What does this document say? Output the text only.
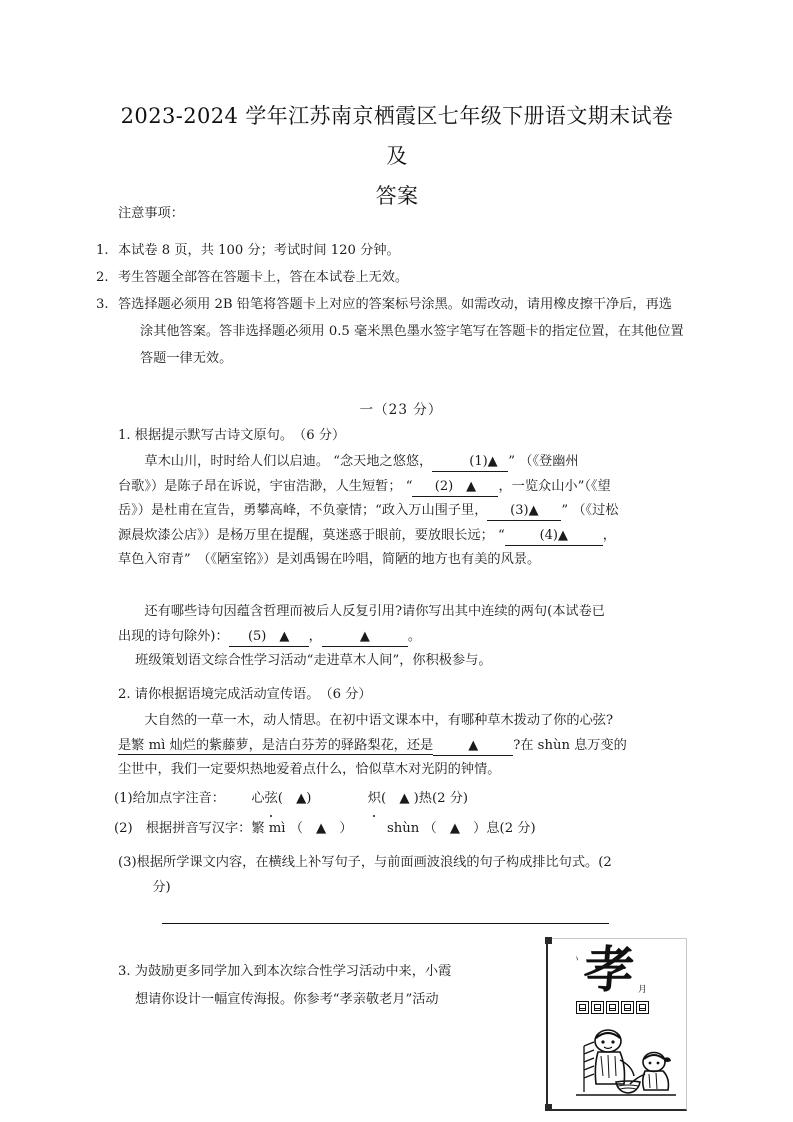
2023-2024 学年江苏南京栖霞区七年级下册语文期末试卷及
答案

注意事项：

1. 本试卷 8 页，共 100 分；考试时间 120 分钟。

2. 考生答题全部答在答题卡上，答在本试卷上无效。

3. 答选择题必须用 2B 铅笔将答题卡上对应的答案标号涂黑。如需改动，请用橡皮擦干净后，再选涂其他答案。答非选择题必须用 0.5 毫米黑色墨水签字笔写在答题卡的指定位置，在其他位置答题一律无效。

一（23 分）
1. 根据提示默写古诗文原句。　（6 分）
草木山川，时时给人们以启迪。 “念天地之悠悠，	(1)▲ ” （《登幽州
台歌》）是陈子昂在诉说，宇宙浩渺，人生短暂； “ (2)　▲ ，一览众山小”（《望
岳》）是杜甫在宣告，勇攀高峰，不负豪情；“政入万山围子里， (3)▲ ” （《过松
源晨炊漆公店》）是杨万里在提醒，莫迷惑于眼前，要放眼长远； “	(4)▲	，
草色入帘青”　（《陋室铭》）是刘禹锡在吟唱，简陋的地方也有美的风景。
还有哪些诗句因蕴含哲理而被后人反复引用?请你写出其中连续的两句(本试卷已
出现的诗句除外)： (5)　▲ ，	▲	。
班级策划语文综合性学习活动“走进草木人间”，你积极参与。
2. 请你根据语境完成活动宣传语。　（6 分）
大自然的一草一木，动人情思。在初中语文课本中，有哪种草木拨动了你的心弦?
是繁 mì 灿烂的紫藤萝，是洁白芬芳的驿路梨花，还是	▲	?在 shùn 息万变的
尘世中，我们一定要炽热地爱着点什么，恰似草木对光阴的钟情。
(1)给加点字注音： 心弦(　▲)	炽(　▲ )热(2 分)
(2)　根据拼音写汉字：繁 mì （　▲　）	shùn （　▲　）息(2 分)
(3)根据所学课文内容，在横线上补写句子，与前面画波浪线的句子构成排比句式。(2
分)
3. 为鼓励更多同学加入到本次综合性学习活动中来，小霞
想请你设计一幅宣传海报。你参考“孝亲敬老月”活动
丶 孝 月
